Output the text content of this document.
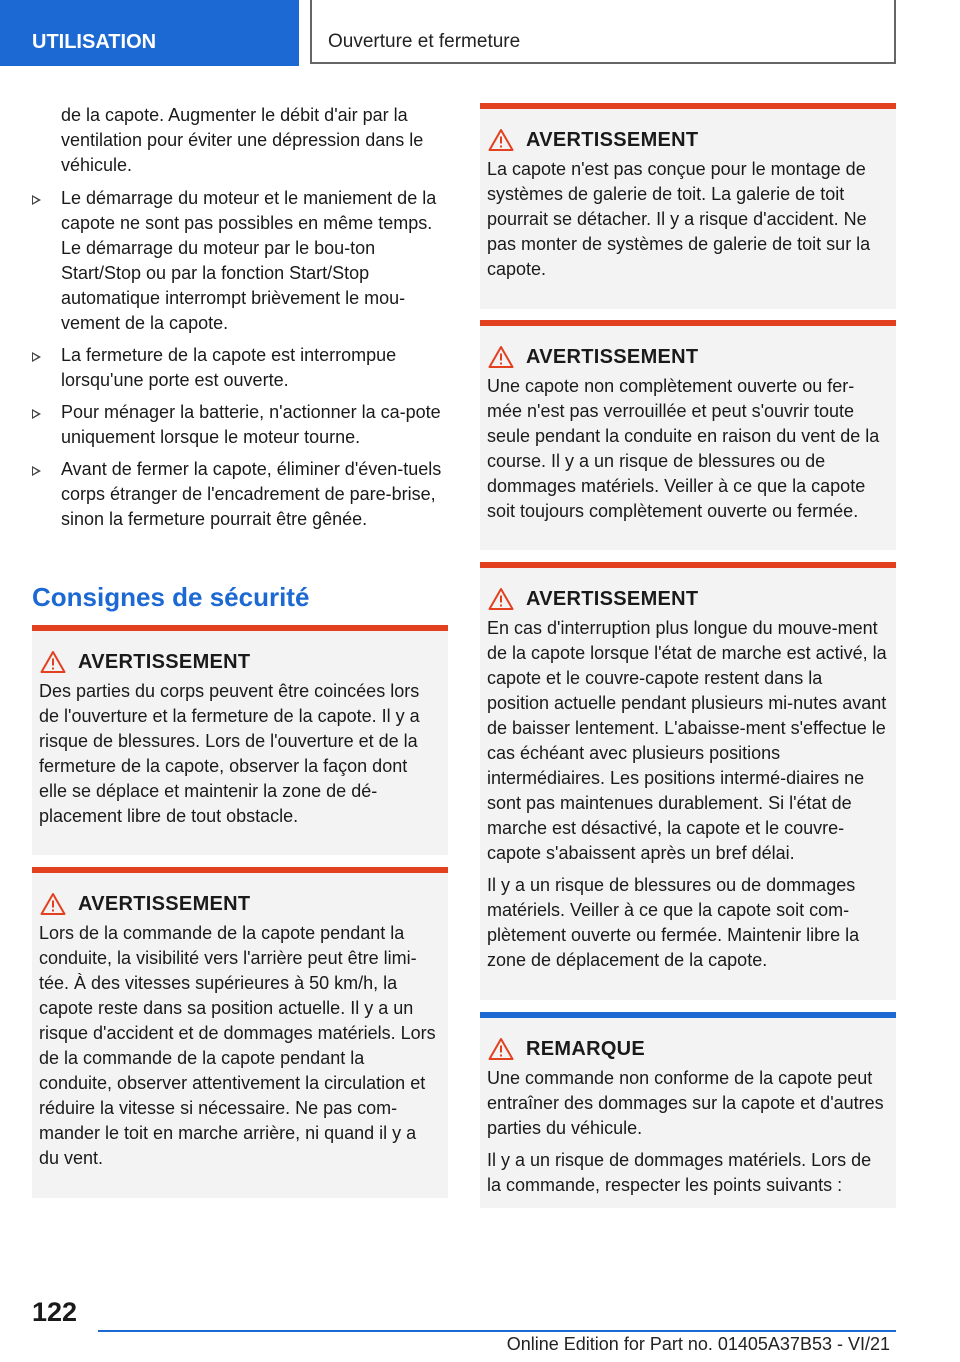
UTILISATION	Ouverture et fermeture

de la capote. Augmenter le débit d'air par la ventilation pour éviter une dépression dans le véhicule.

Le démarrage du moteur et le maniement de la capote ne sont pas possibles en même temps. Le démarrage du moteur par le bou-ton Start/Stop ou par la fonction Start/Stop automatique interrompt brièvement le mou-vement de la capote.
La fermeture de la capote est interrompue lorsqu'une porte est ouverte.
Pour ménager la batterie, n'actionner la ca-pote uniquement lorsque le moteur tourne.
Avant de fermer la capote, éliminer d'éven-tuels corps étranger de l'encadrement de pare-brise, sinon la fermeture pourrait être gênée.
Consignes de sécurité
AVERTISSEMENT

Des parties du corps peuvent être coincées lors de l'ouverture et la fermeture de la capote. Il y a risque de blessures. Lors de l'ouverture et de la fermeture de la capote, observer la façon dont elle se déplace et maintenir la zone de dé-placement libre de tout obstacle.

AVERTISSEMENT

Lors de la commande de la capote pendant la conduite, la visibilité vers l'arrière peut être limi-tée. À des vitesses supérieures à 50 km/h, la capote reste dans sa position actuelle. Il y a un risque d'accident et de dommages matériels. Lors de la commande de la capote pendant la conduite, observer attentivement la circulation et réduire la vitesse si nécessaire. Ne pas com-mander le toit en marche arrière, ni quand il y a du vent.

AVERTISSEMENT

La capote n'est pas conçue pour le montage de systèmes de galerie de toit. La galerie de toit pourrait se détacher. Il y a risque d'accident. Ne pas monter de systèmes de galerie de toit sur la capote.

AVERTISSEMENT

Une capote non complètement ouverte ou fer-mée n'est pas verrouillée et peut s'ouvrir toute seule pendant la conduite en raison du vent de la course. Il y a un risque de blessures ou de dommages matériels. Veiller à ce que la capote soit toujours complètement ouverte ou fermée.

AVERTISSEMENT

En cas d'interruption plus longue du mouve-ment de la capote lorsque l'état de marche est activé, la capote et le couvre-capote restent dans la position actuelle pendant plusieurs mi-nutes avant de baisser lentement. L'abaisse-ment s'effectue le cas échéant avec plusieurs positions intermédiaires. Les positions intermé-diaires ne sont pas maintenues durablement. Si l'état de marche est désactivé, la capote et le couvre-capote s'abaissent après un bref délai.

Il y a un risque de blessures ou de dommages matériels. Veiller à ce que la capote soit com-plètement ouverte ou fermée. Maintenir libre la zone de déplacement de la capote.

REMARQUE

Une commande non conforme de la capote peut entraîner des dommages sur la capote et d'autres parties du véhicule.

Il y a un risque de dommages matériels. Lors de la commande, respecter les points suivants :

122
Online Edition for Part no. 01405A37B53 - VI/21
